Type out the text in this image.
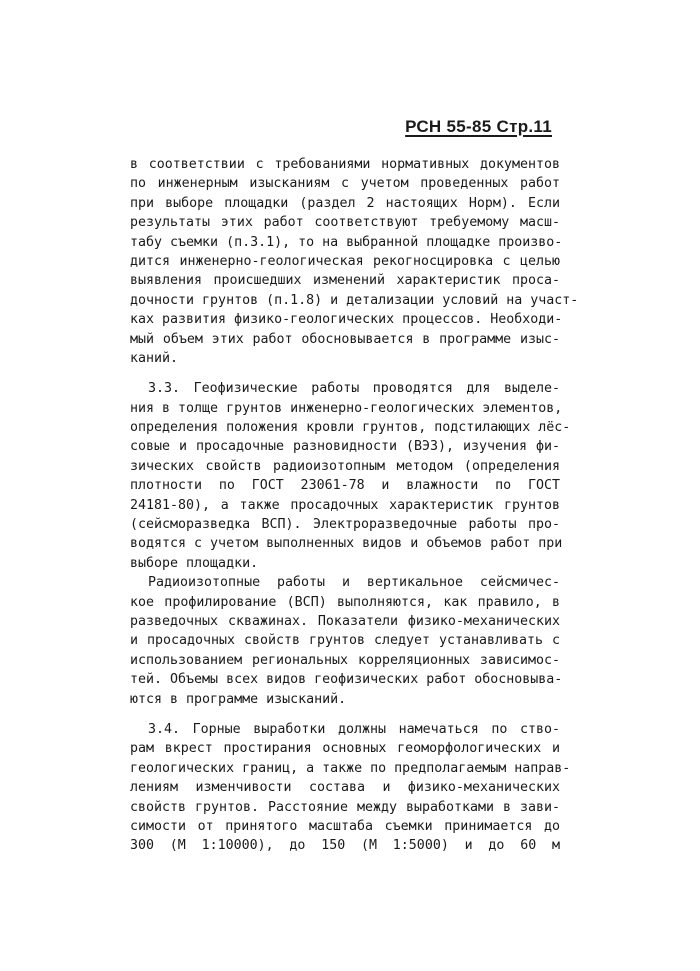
РСН 55-85 Стр.11
в соответствии с требованиями нормативных документов
по инженерным изысканиям с учетом проведенных работ
при выборе площадки (раздел 2 настоящих Норм). Если
результаты этих работ соответствуют требуемому масш-
табу съемки (п.3.1), то на выбранной площадке произво-
дится инженерно-геологическая рекогносцировка с целью
выявления происшедших изменений характеристик проса-
дочности грунтов (п.1.8) и детализации условий на участ-
ках развития физико-геологических процессов. Необходи-
мый объем этих работ обосновывается в программе изыс-
каний.
3.3. Геофизические работы проводятся для выделе-
ния в толще грунтов инженерно-геологических элементов,
определения положения кровли грунтов, подстилающих лёс-
совые и просадочные разновидности (ВЭЗ), изучения фи-
зических свойств радиоизотопным методом (определения
плотности по ГОСТ 23061-78 и влажности по ГОСТ
24181-80), а также просадочных характеристик грунтов
(сейсморазведка ВСП). Электроразведочные работы про-
водятся с учетом выполненных видов и объемов работ при
выборе площадки.
Радиоизотопные работы и вертикальное сейсмичес-
кое профилирование (ВСП) выполняются, как правило, в
разведочных скважинах. Показатели физико-механических
и просадочных свойств грунтов следует устанавливать с
использованием региональных корреляционных зависимос-
тей. Объемы всех видов геофизических работ обосновыва-
ются в программе изысканий.
3.4. Горные выработки должны намечаться по ство-
рам вкрест простирания основных геоморфологических и
геологических границ, а также по предполагаемым направ-
лениям изменчивости состава и физико-механических
свойств грунтов. Расстояние между выработками в зави-
симости от принятого масштаба съемки принимается до
300 (М 1:10000), до 150 (М 1:5000) и до 60 м
